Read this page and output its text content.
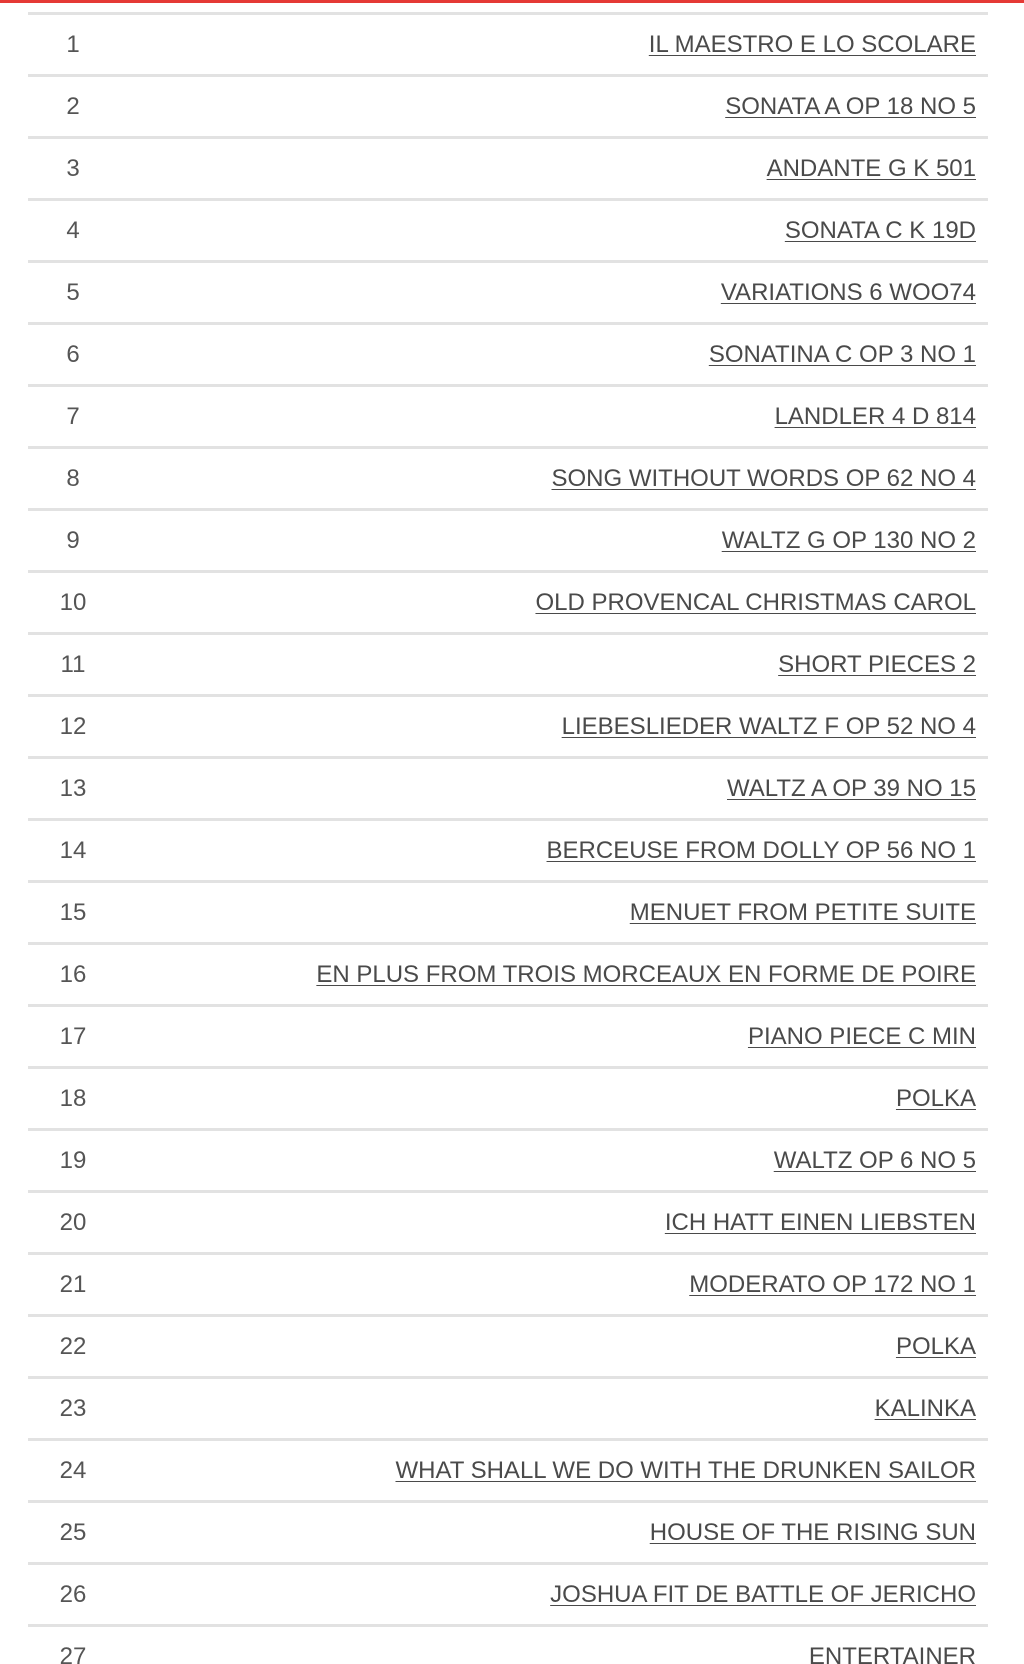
1	IL MAESTRO E LO SCOLARE
2	SONATA A OP 18 NO 5
3	ANDANTE G K 501
4	SONATA C K 19D
5	VARIATIONS 6 WOO74
6	SONATINA C OP 3 NO 1
7	LANDLER 4 D 814
8	SONG WITHOUT WORDS OP 62 NO 4
9	WALTZ G OP 130 NO 2
10	OLD PROVENCAL CHRISTMAS CAROL
11	SHORT PIECES 2
12	LIEBESLIEDER WALTZ F OP 52 NO 4
13	WALTZ A OP 39 NO 15
14	BERCEUSE FROM DOLLY OP 56 NO 1
15	MENUET FROM PETITE SUITE
16	EN PLUS FROM TROIS MORCEAUX EN FORME DE POIRE
17	PIANO PIECE C MIN
18	POLKA
19	WALTZ OP 6 NO 5
20	ICH HATT EINEN LIEBSTEN
21	MODERATO OP 172 NO 1
22	POLKA
23	KALINKA
24	WHAT SHALL WE DO WITH THE DRUNKEN SAILOR
25	HOUSE OF THE RISING SUN
26	JOSHUA FIT DE BATTLE OF JERICHO
27	ENTERTAINER
